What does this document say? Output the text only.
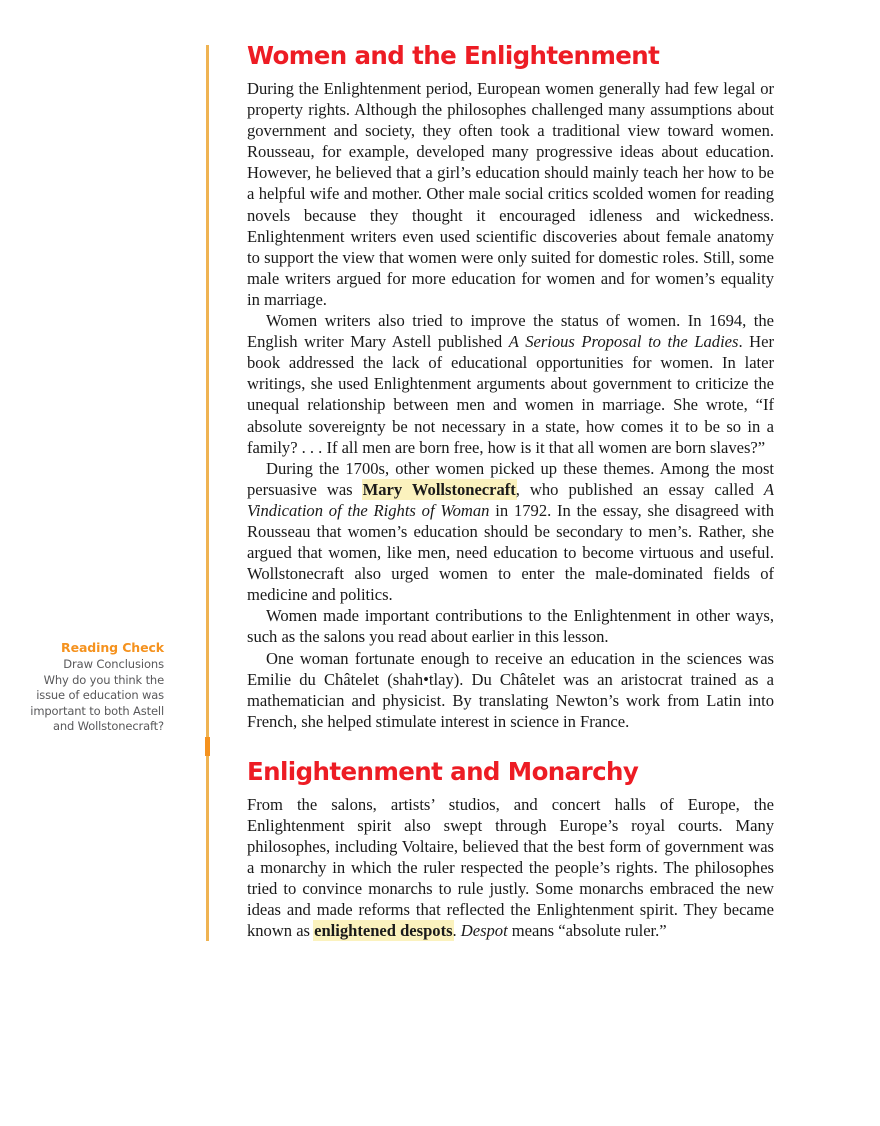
Reading Check
Draw Conclusions
Why do you think the issue of education was important to both Astell and Wollstonecraft?
Women and the Enlightenment

During the Enlightenment period, European women generally had few legal or property rights. Although the philosophes challenged many assumptions about government and society, they often took a traditional view toward women. Rousseau, for example, developed many progressive ideas about education. However, he believed that a girl’s education should mainly teach her how to be a helpful wife and mother. Other male social critics scolded women for reading novels because they thought it encouraged idleness and wickedness. Enlightenment writers even used scientific discoveries about female anatomy to support the view that women were only suited for domestic roles. Still, some male writers argued for more education for women and for women’s equality in marriage.

Women writers also tried to improve the status of women. In 1694, the English writer Mary Astell published A Serious Proposal to the Ladies. Her book addressed the lack of educational opportunities for women. In later writings, she used Enlightenment arguments about government to criticize the unequal relationship between men and women in marriage. She wrote, “If absolute sovereignty be not necessary in a state, how comes it to be so in a family? . . . If all men are born free, how is it that all women are born slaves?”

During the 1700s, other women picked up these themes. Among the most persuasive was Mary Wollstonecraft, who published an essay called A Vindication of the Rights of Woman in 1792. In the essay, she disagreed with Rousseau that women’s education should be secondary to men’s. Rather, she argued that women, like men, need education to become virtuous and useful. Wollstonecraft also urged women to enter the male-dominated fields of medicine and politics.

Women made important contributions to the Enlightenment in other ways, such as the salons you read about earlier in this lesson.

One woman fortunate enough to receive an education in the sciences was Emilie du Châtelet (shah•tlay). Du Châtelet was an aristocrat trained as a mathematician and physicist. By translating Newton’s work from Latin into French, she helped stimulate interest in science in France.

Enlightenment and Monarchy

From the salons, artists’ studios, and concert halls of Europe, the Enlightenment spirit also swept through Europe’s royal courts. Many philosophes, including Voltaire, believed that the best form of government was a monarchy in which the ruler respected the people’s rights. The philosophes tried to convince monarchs to rule justly. Some monarchs embraced the new ideas and made reforms that reflected the Enlightenment spirit. They became known as enlightened despots. Despot means “absolute ruler.”
